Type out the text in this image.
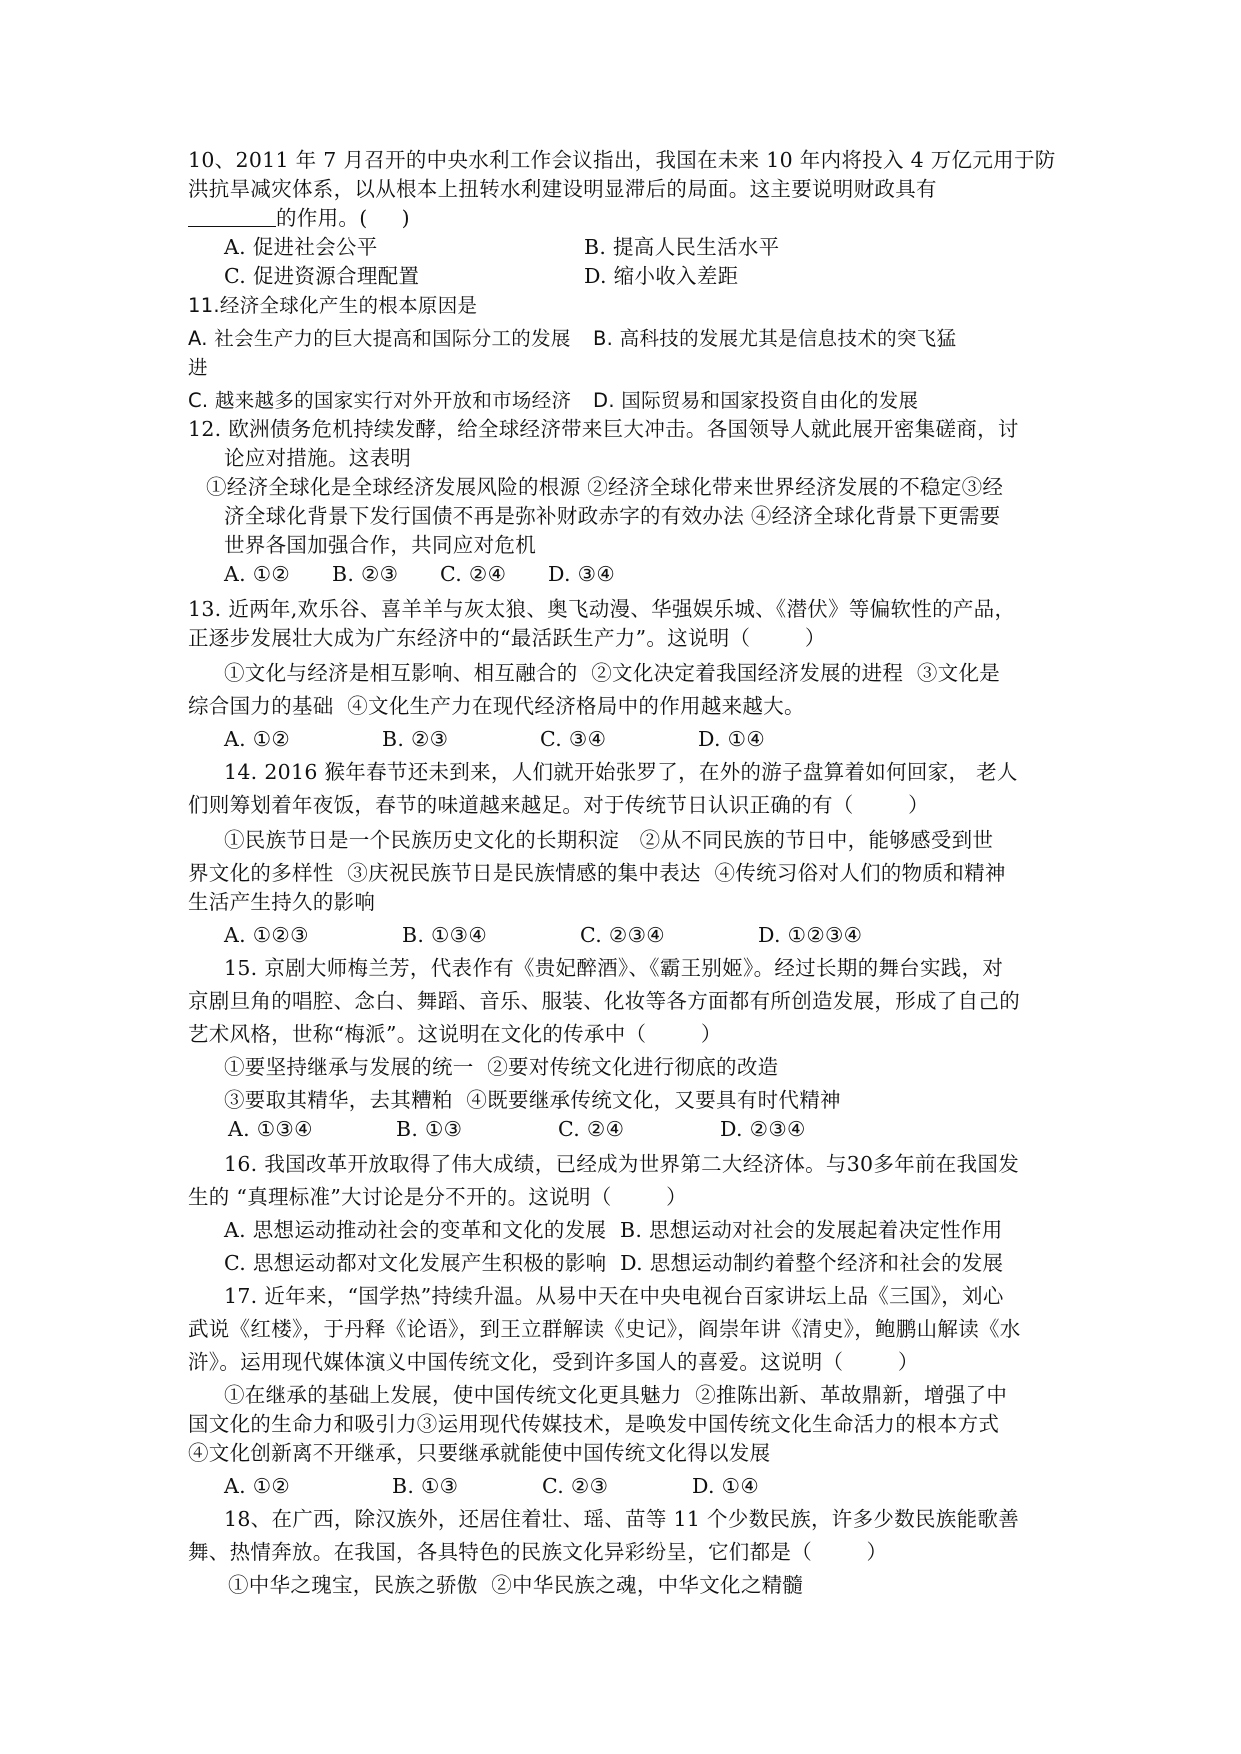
10、2011 年 7 月召开的中央水利工作会议指出，我国在未来 10 年内将投入 4 万亿元用于防
洪抗旱减灾体系，以从根本上扭转水利建设明显滞后的局面。这主要说明财政具有
的作用。(     )
A. 促进社会公平	B. 提高人民生活水平
C. 促进资源合理配置	D. 缩小收入差距
11.经济全球化产生的根本原因是
A. 社会生产力的巨大提高和国际分工的发展 B. 高科技的发展尤其是信息技术的突飞猛
进
C. 越来越多的国家实行对外开放和市场经济 D. 国际贸易和国家投资自由化的发展
12. 欧洲债务危机持续发酵，给全球经济带来巨大冲击。各国领导人就此展开密集磋商，讨
论应对措施。这表明
①经济全球化是全球经济发展风险的根源 ②经济全球化带来世界经济发展的不稳定③经
济全球化背景下发行国债不再是弥补财政赤字的有效办法 ④经济全球化背景下更需要
世界各国加强合作，共同应对危机
A. ①② B. ②③ C. ②④ D. ③④
13. 近两年,欢乐谷、喜羊羊与灰太狼、奥飞动漫、华强娱乐城、《潜伏》等偏软性的产品，
正逐步发展壮大成为广东经济中的“最活跃生产力”。这说明（        ）
①文化与经济是相互影响、相互融合的  ②文化决定着我国经济发展的进程  ③文化是
综合国力的基础  ④文化生产力在现代经济格局中的作用越来越大。
A. ①②	B. ②③	C. ③④	D. ①④
14. 2016 猴年春节还未到来，人们就开始张罗了，在外的游子盘算着如何回家， 老人
们则筹划着年夜饭，春节的味道越来越足。对于传统节日认识正确的有（        ）
①民族节日是一个民族历史文化的长期积淀   ②从不同民族的节日中，能够感受到世
界文化的多样性  ③庆祝民族节日是民族情感的集中表达  ④传统习俗对人们的物质和精神
生活产生持久的影响
A. ①②③	B. ①③④	C. ②③④	D. ①②③④
15. 京剧大师梅兰芳，代表作有《贵妃醉酒》、《霸王别姬》。经过长期的舞台实践，对
京剧旦角的唱腔、念白、舞蹈、音乐、服装、化妆等各方面都有所创造发展，形成了自己的
艺术风格，世称“梅派”。这说明在文化的传承中（        ）
①要坚持继承与发展的统一  ②要对传统文化进行彻底的改造
③要取其精华，去其糟粕  ④既要继承传统文化，又要具有时代精神
A. ①③④	B. ①③	C. ②④	D. ②③④
16. 我国改革开放取得了伟大成绩，已经成为世界第二大经济体。与30多年前在我国发
生的 “真理标准”大讨论是分不开的。这说明（        ）
A. 思想运动推动社会的变革和文化的发展  B. 思想运动对社会的发展起着决定性作用
C. 思想运动都对文化发展产生积极的影响  D. 思想运动制约着整个经济和社会的发展
17. 近年来，“国学热”持续升温。从易中天在中央电视台百家讲坛上品《三国》，刘心
武说《红楼》，于丹释《论语》，到王立群解读《史记》，阎崇年讲《清史》，鲍鹏山解读《水
浒》。运用现代媒体演义中国传统文化，受到许多国人的喜爱。这说明（        ）
①在继承的基础上发展，使中国传统文化更具魅力  ②推陈出新、革故鼎新，增强了中
国文化的生命力和吸引力③运用现代传媒技术，是唤发中国传统文化生命活力的根本方式
④文化创新离不开继承，只要继承就能使中国传统文化得以发展
A. ①②	B. ①③	C. ②③	D. ①④
18、在广西，除汉族外，还居住着壮、瑶、苗等 11 个少数民族，许多少数民族能歌善
舞、热情奔放。在我国，各具特色的民族文化异彩纷呈，它们都是（        ）
①中华之瑰宝，民族之骄傲  ②中华民族之魂，中华文化之精髓
